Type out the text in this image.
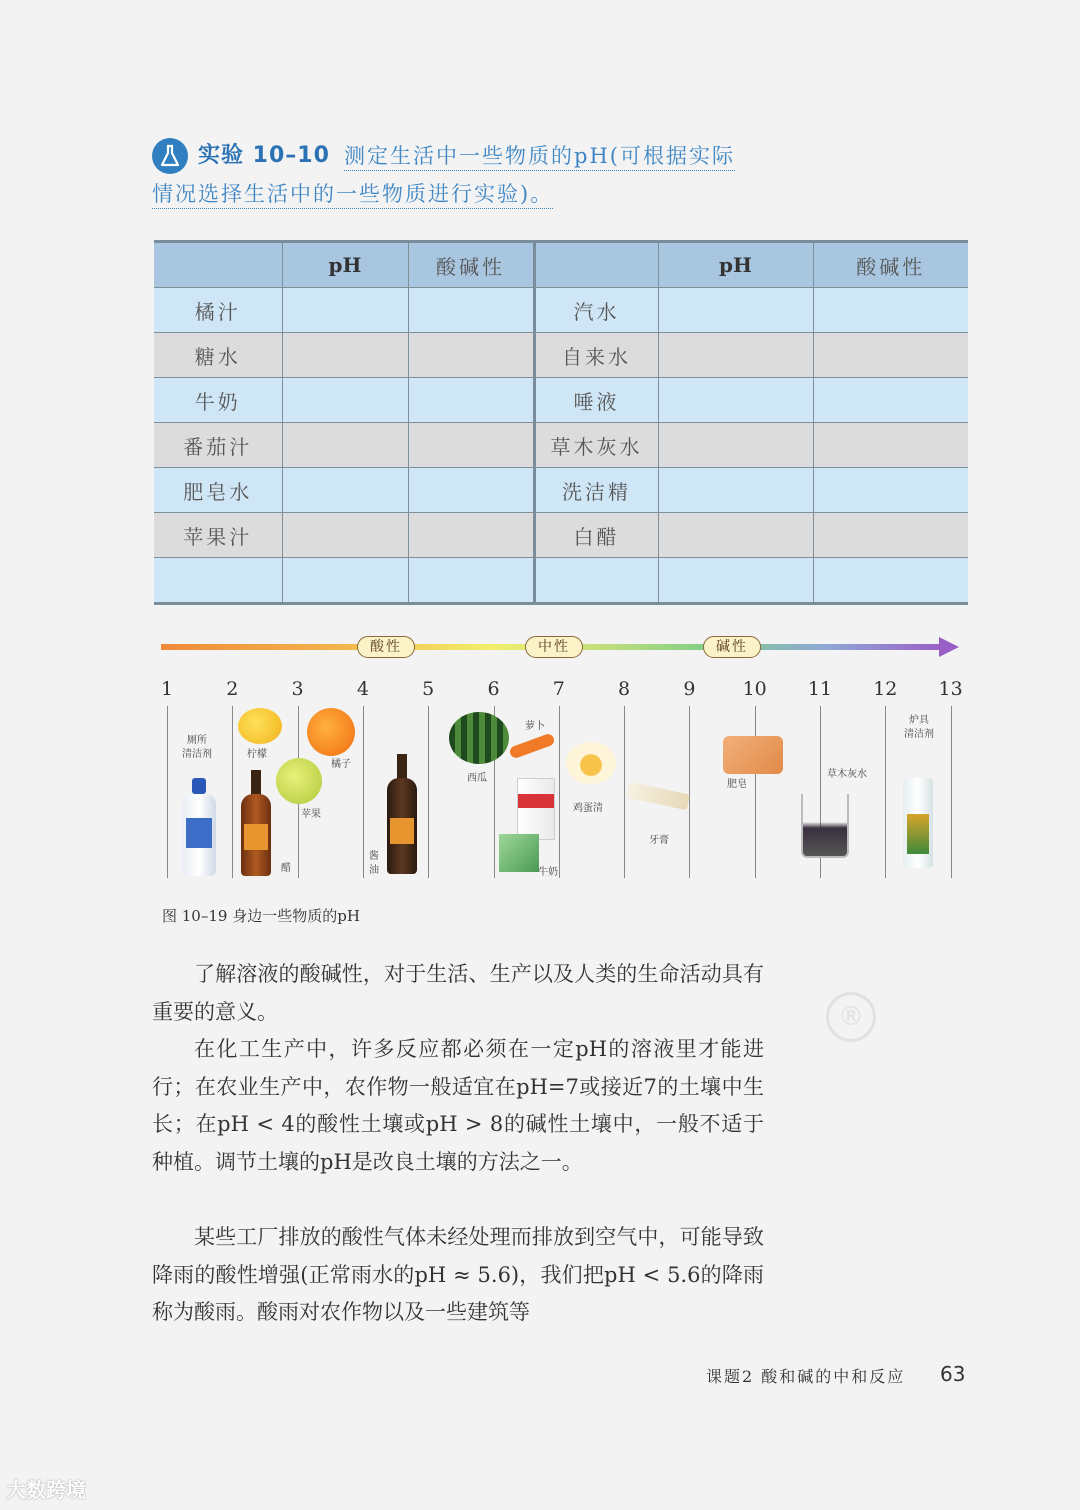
实验 10–10 测定生活中一些物质的pH(可根据实际
情况选择生活中的一些物质进行实验)。
	pH	酸碱性		pH	酸碱性
橘汁			汽水		
糖水			自来水		
牛奶			唾液		
番茄汁			草木灰水		
肥皂水			洗洁精		
苹果汁			白醋		

酸性	中性	碱性
1	2	3	4	5	6	7	8	9	10 11 12 13
厕所
清洁剂	柠檬
橘子
苹果
醋
酱
油
西瓜
萝卜
牛奶
鸡蛋清
牙膏
肥皂
草木灰水
炉具
清洁剂
图 10–19 身边一些物质的pH
了解溶液的酸碱性，对于生活、生产以及人类的生命活动具有重要的意义。
在化工生产中，许多反应都必须在一定pH的溶液里才能进行；在农业生产中，农作物一般适宜在pH=7或接近7的土壤中生长；在pH < 4的酸性土壤或pH > 8的碱性土壤中，一般不适于种植。调节土壤的pH是改良土壤的方法之一。
某些工厂排放的酸性气体未经处理而排放到空气中，可能导致降雨的酸性增强(正常雨水的pH ≈ 5.6)，我们把pH < 5.6的降雨称为酸雨。酸雨对农作物以及一些建筑等
®
课题2 酸和碱的中和反应 63
大数跨境
